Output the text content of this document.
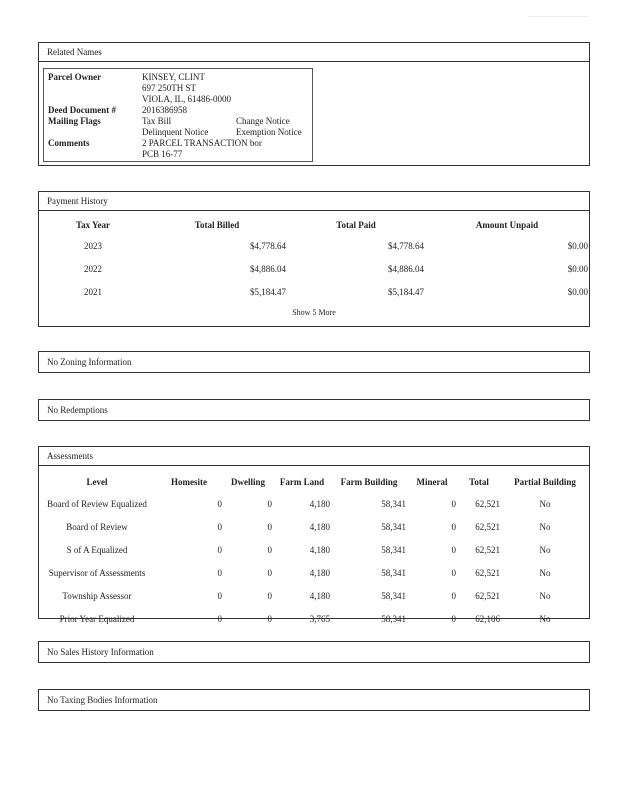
Related Names
Parcel Owner	KINSEY, CLINT
697 250TH ST
VIOLA, IL, 61486-0000
Deed Document #	2016386958
Mailing Flags	Tax Bill	Change Notice
Delinquent Notice	Exemption Notice
Comments	2 PARCEL TRANSACTION bor
PCB 16-77
Payment History
Tax Year	Total Billed	Total Paid	Amount Unpaid
2023	$4,778.64	$4,778.64	$0.00
2022	$4,886.04	$4,886.04	$0.00
2021	$5,184.47	$5,184.47	$0.00
Show 5 More
No Zoning Information
No Redemptions
Assessments
Level	Homesite	Dwelling	Farm Land	Farm Building	Mineral	Total	Partial Building
Board of Review Equalized	0	0	4,180	58,341	0	62,521	No
Board of Review	0	0	4,180	58,341	0	62,521	No
S of A Equalized	0	0	4,180	58,341	0	62,521	No
Supervisor of Assessments	0	0	4,180	58,341	0	62,521	No
Township Assessor	0	0	4,180	58,341	0	62,521	No
Prior Year Equalized	0	0	3,765	58,341	0	62,106	No
No Sales History Information
No Taxing Bodies Information
